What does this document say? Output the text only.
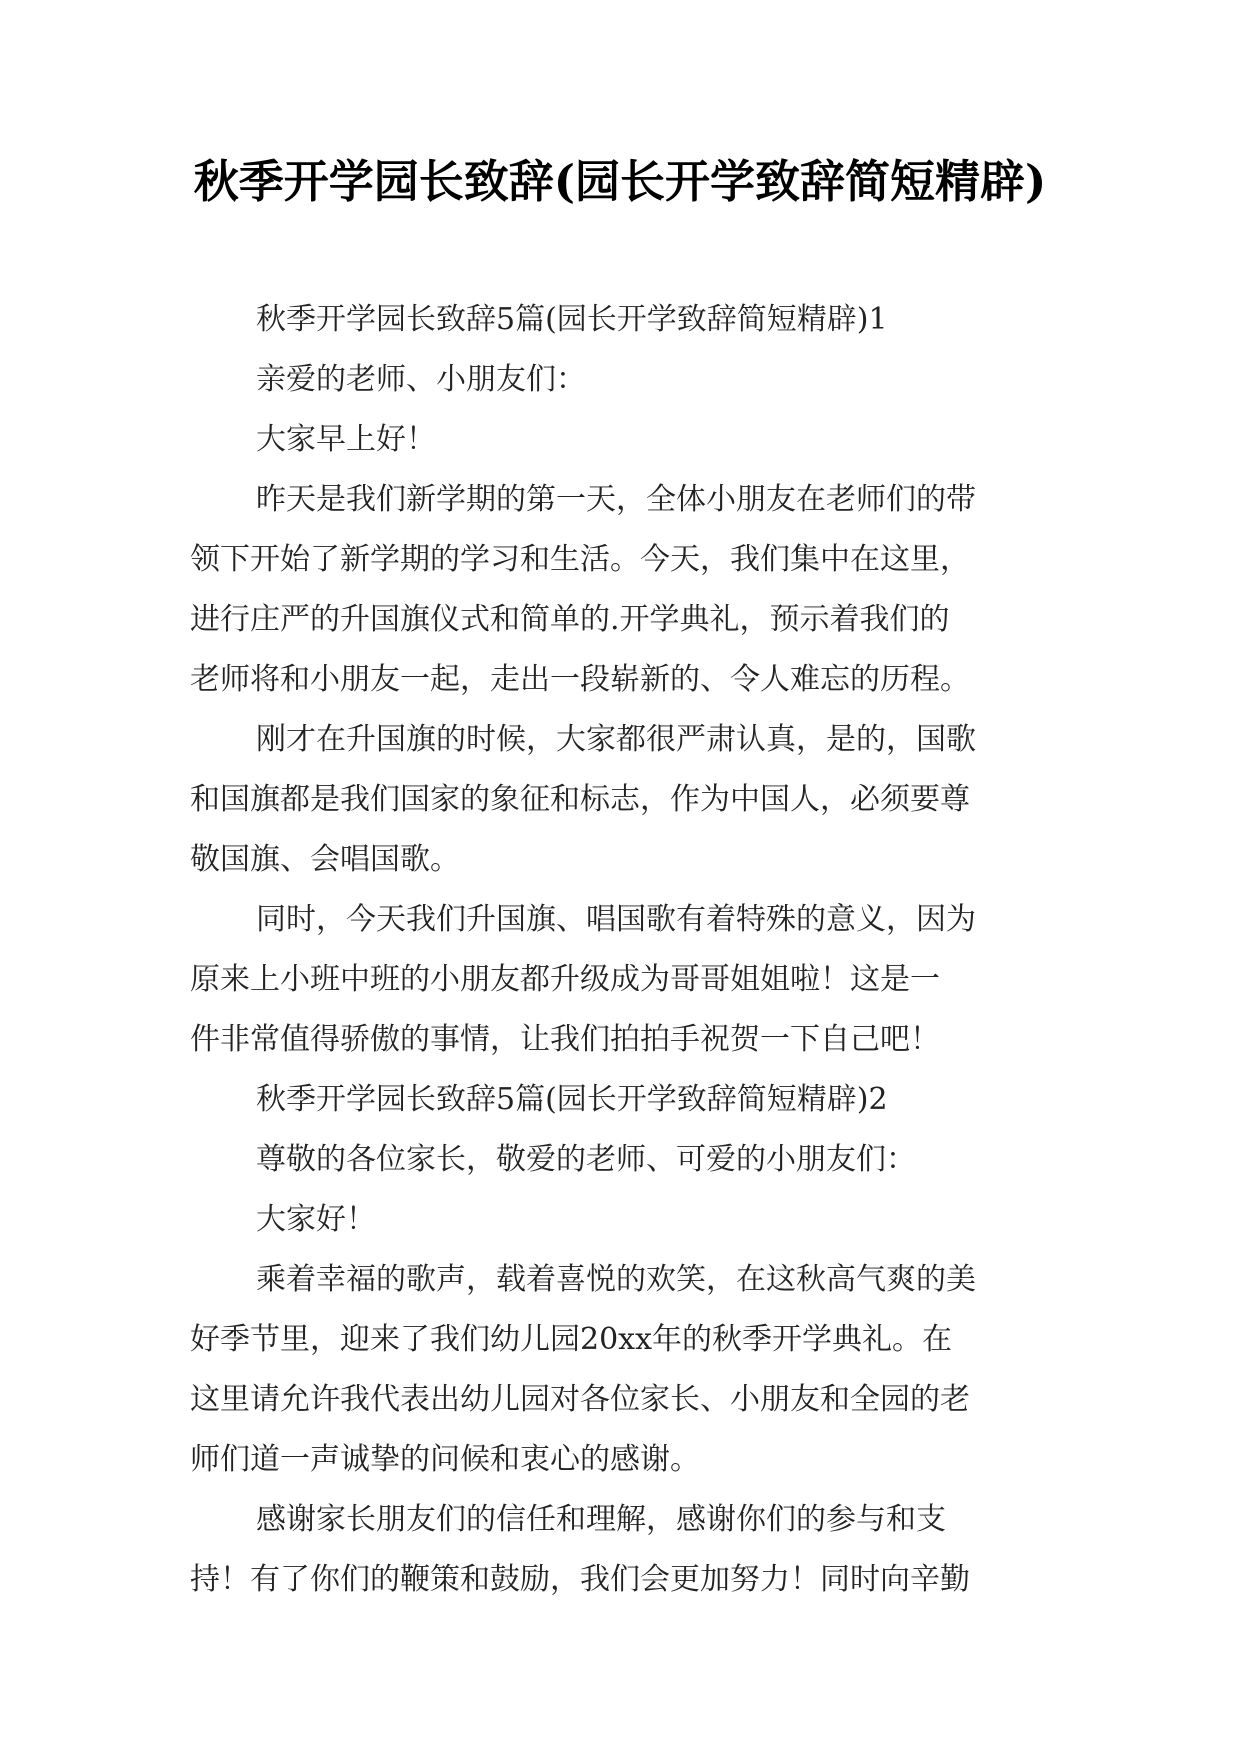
秋季开学园长致辞(园长开学致辞简短精辟)
秋季开学园长致辞5篇(园长开学致辞简短精辟)1
亲爱的老师、小朋友们：
大家早上好！
昨天是我们新学期的第一天，全体小朋友在老师们的带
领下开始了新学期的学习和生活。今天，我们集中在这里，
进行庄严的升国旗仪式和简单的.开学典礼，预示着我们的
老师将和小朋友一起，走出一段崭新的、令人难忘的历程。
刚才在升国旗的时候，大家都很严肃认真，是的，国歌
和国旗都是我们国家的象征和标志，作为中国人，必须要尊
敬国旗、会唱国歌。
同时，今天我们升国旗、唱国歌有着特殊的意义，因为
原来上小班中班的小朋友都升级成为哥哥姐姐啦！这是一
件非常值得骄傲的事情，让我们拍拍手祝贺一下自己吧！
秋季开学园长致辞5篇(园长开学致辞简短精辟)2
尊敬的各位家长，敬爱的老师、可爱的小朋友们：
大家好！
乘着幸福的歌声，载着喜悦的欢笑，在这秋高气爽的美
好季节里，迎来了我们幼儿园20xx年的秋季开学典礼。在
这里请允许我代表出幼儿园对各位家长、小朋友和全园的老
师们道一声诚挚的问候和衷心的感谢。
感谢家长朋友们的信任和理解，感谢你们的参与和支
持！有了你们的鞭策和鼓励，我们会更加努力！同时向辛勤
